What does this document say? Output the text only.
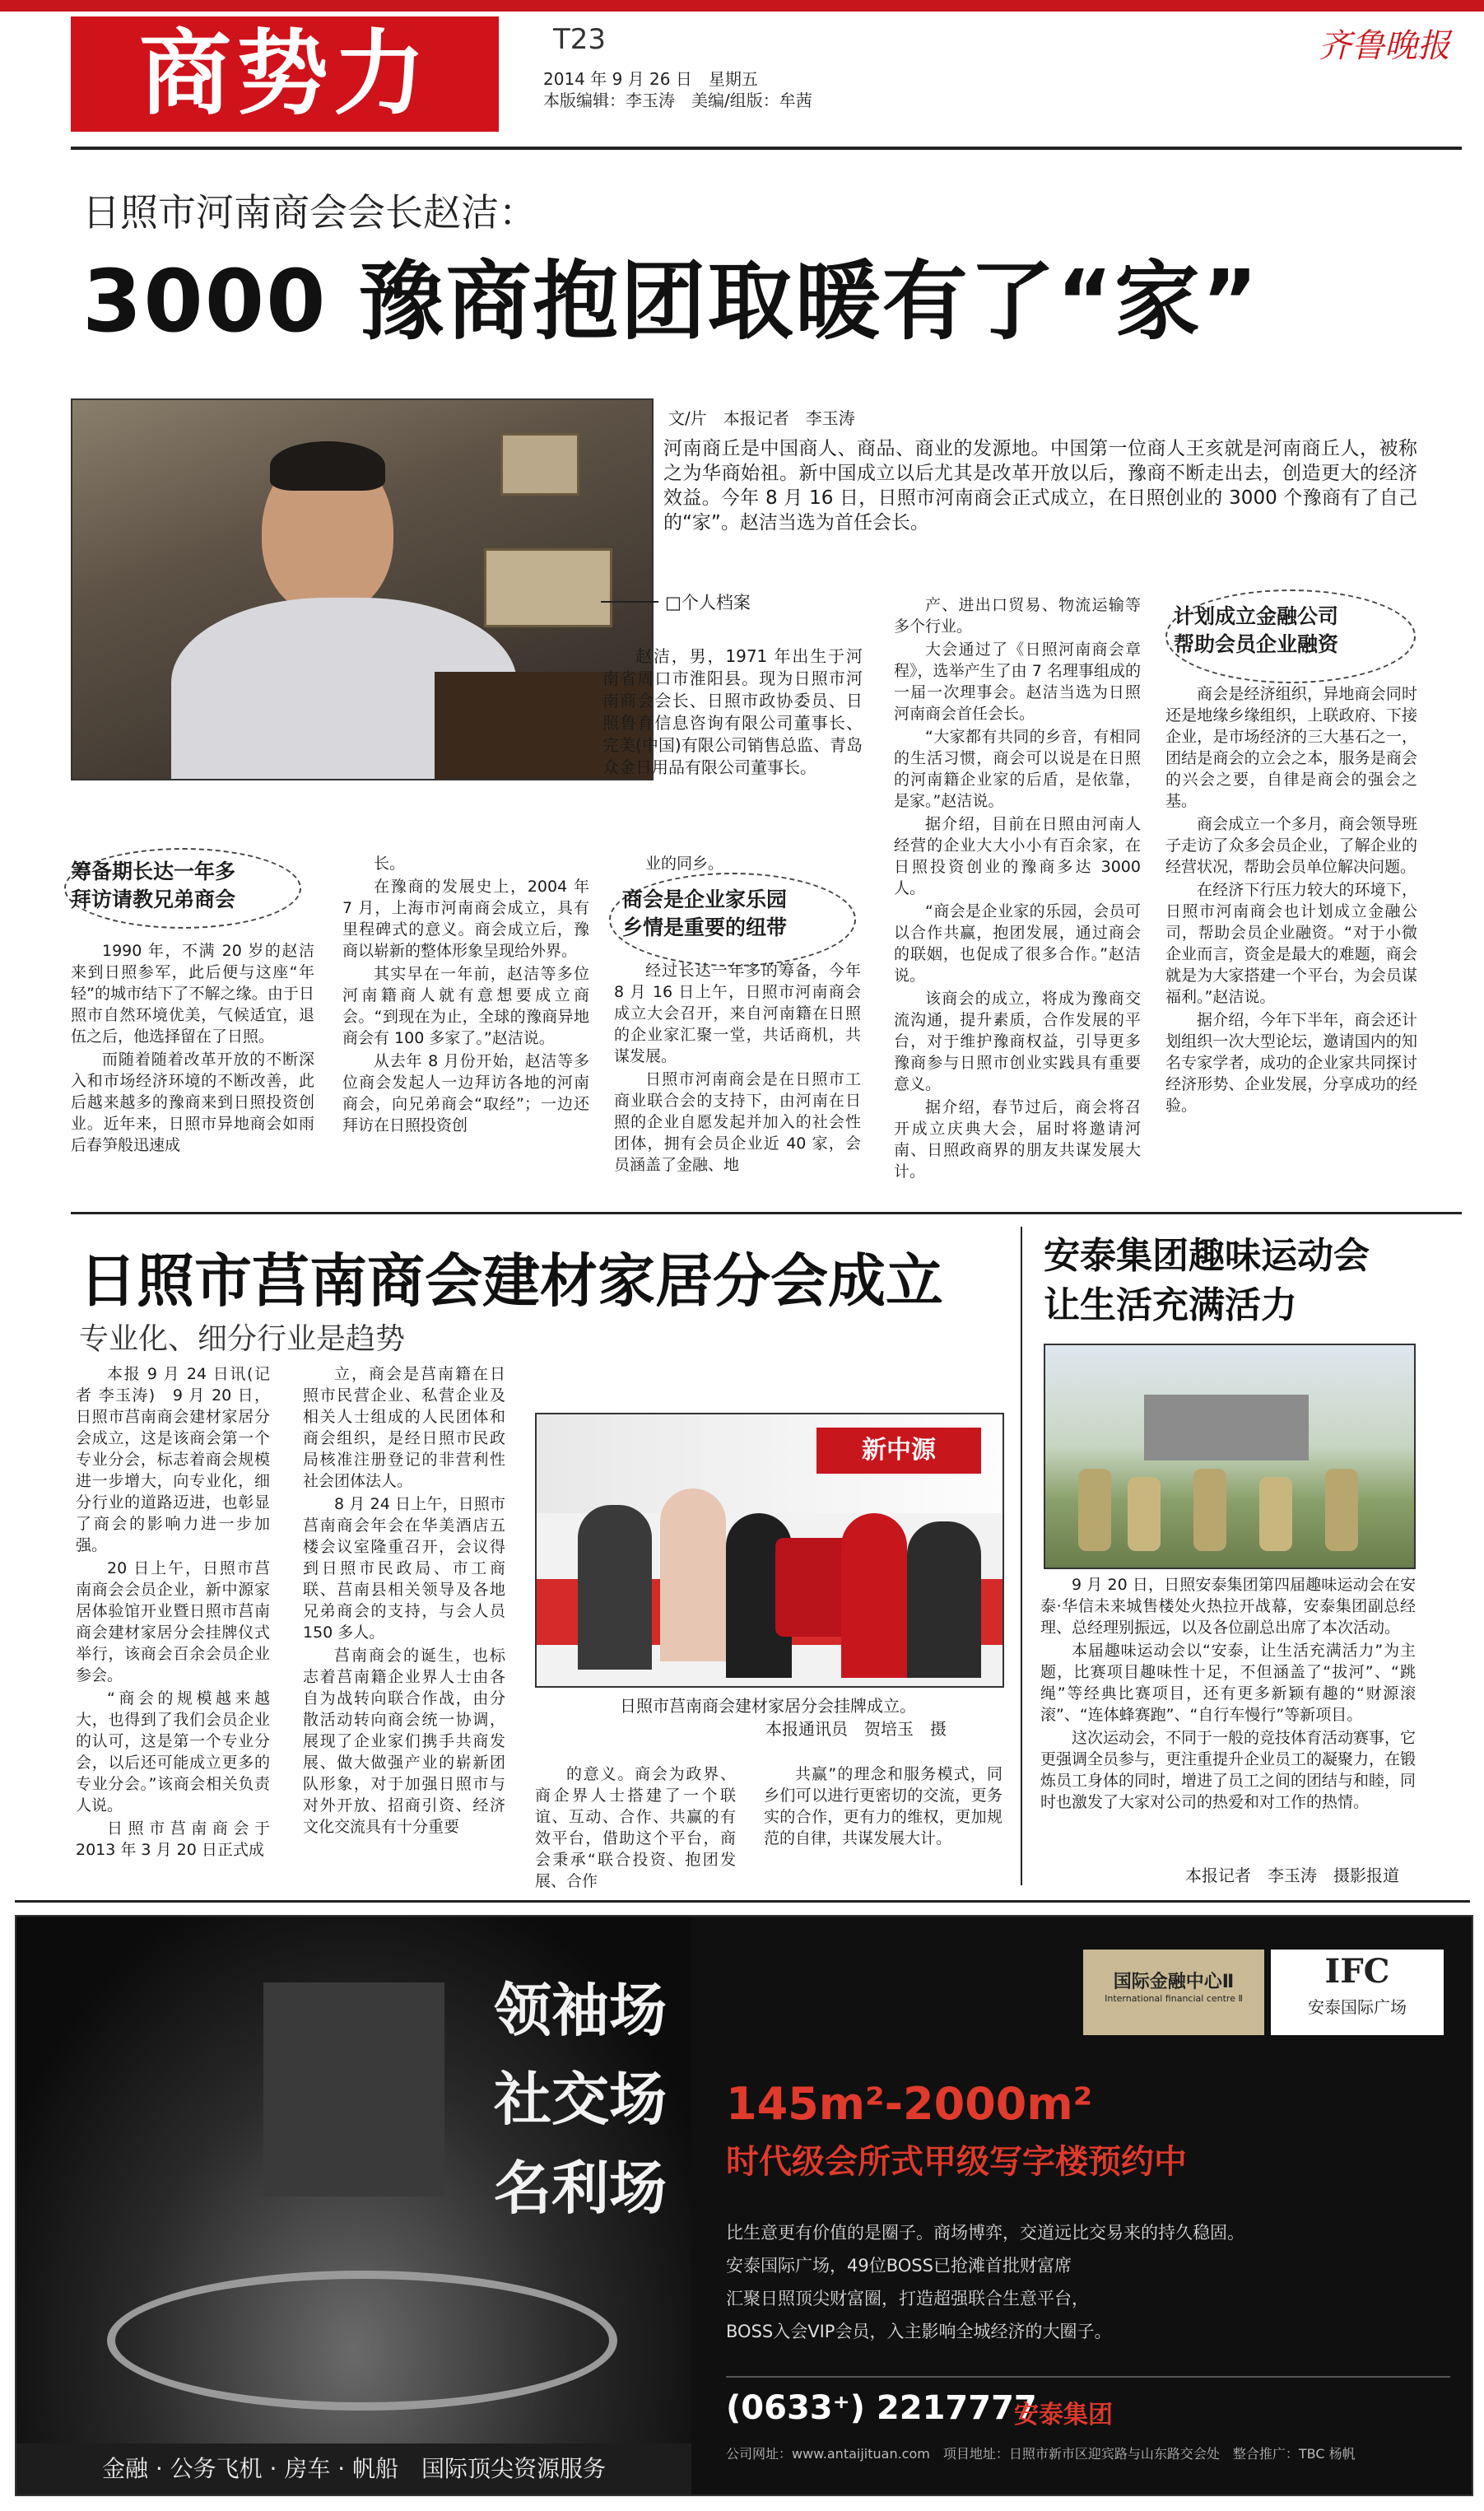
商势力	T23
2014 年 9 月 26 日　星期五
本版编辑：李玉涛　美编/组版：牟茜
齐鲁晚报
日照市河南商会会长赵洁：
3000 豫商抱团取暖有了“家”
文/片　本报记者　李玉涛
河南商丘是中国商人、商品、商业的发源地。中国第一位商人王亥就是河南商丘人，被称之为华商始祖。新中国成立以后尤其是改革开放以后，豫商不断走出去，创造更大的经济效益。今年 8 月 16 日，日照市河南商会正式成立，在日照创业的 3000 个豫商有了自己的“家”。赵洁当选为首任会长。
□个人档案
赵洁，男，1971 年出生于河南省周口市淮阳县。现为日照市河南商会会长、日照市政协委员、日照鲁育信息咨询有限公司董事长、完美(中国)有限公司销售总监、青岛众金日用品有限公司董事长。
筹备期长达一年多
拜访请教兄弟商会

1990 年，不满 20 岁的赵洁来到日照参军，此后便与这座“年轻”的城市结下了不解之缘。由于日照市自然环境优美，气候适宜，退伍之后，他选择留在了日照。

而随着随着改革开放的不断深入和市场经济环境的不断改善，此后越来越多的豫商来到日照投资创业。近年来，日照市异地商会如雨后春笋般迅速成

长。

在豫商的发展史上，2004 年 7 月，上海市河南商会成立，具有里程碑式的意义。商会成立后，豫商以崭新的整体形象呈现给外界。

其实早在一年前，赵洁等多位河南籍商人就有意想要成立商会。“到现在为止，全球的豫商异地商会有 100 多家了。”赵洁说。

从去年 8 月份开始，赵洁等多位商会发起人一边拜访各地的河南商会，向兄弟商会“取经”；一边还拜访在日照投资创

业的同乡。

商会是企业家乐园
乡情是重要的纽带

经过长达一年多的筹备，今年 8 月 16 日上午，日照市河南商会成立大会召开，来自河南籍在日照的企业家汇聚一堂，共话商机，共谋发展。

日照市河南商会是在日照市工商业联合会的支持下，由河南在日照的企业自愿发起并加入的社会性团体，拥有会员企业近 40 家，会员涵盖了金融、地

产、进出口贸易、物流运输等多个行业。

大会通过了《日照河南商会章程》，选举产生了由 7 名理事组成的一届一次理事会。赵洁当选为日照河南商会首任会长。

“大家都有共同的乡音，有相同的生活习惯，商会可以说是在日照的河南籍企业家的后盾，是依靠，是家。”赵洁说。

据介绍，目前在日照由河南人经营的企业大大小小有百余家，在日照投资创业的豫商多达 3000 人。

“商会是企业家的乐园，会员可以合作共赢，抱团发展，通过商会的联姻，也促成了很多合作。”赵洁说。

该商会的成立，将成为豫商交流沟通，提升素质，合作发展的平台，对于维护豫商权益，引导更多豫商参与日照市创业实践具有重要意义。

据介绍，春节过后，商会将召开成立庆典大会，届时将邀请河南、日照政商界的朋友共谋发展大计。

计划成立金融公司
帮助会员企业融资

商会是经济组织，异地商会同时还是地缘乡缘组织，上联政府、下接企业，是市场经济的三大基石之一，团结是商会的立会之本，服务是商会的兴会之要，自律是商会的强会之基。

商会成立一个多月，商会领导班子走访了众多会员企业，了解企业的经营状况，帮助会员单位解决问题。

在经济下行压力较大的环境下，日照市河南商会也计划成立金融公司，帮助会员企业融资。“对于小微企业而言，资金是最大的难题，商会就是为大家搭建一个平台，为会员谋福利。”赵洁说。

据介绍，今年下半年，商会还计划组织一次大型论坛，邀请国内的知名专家学者，成功的企业家共同探讨经济形势、企业发展，分享成功的经验。

日照市莒南商会建材家居分会成立
专业化、细分行业是趋势

本报 9 月 24 日讯(记者 李玉涛)　9 月 20 日，日照市莒南商会建材家居分会成立，这是该商会第一个专业分会，标志着商会规模进一步增大，向专业化，细分行业的道路迈进，也彰显了商会的影响力进一步加强。

20 日上午，日照市莒南商会会员企业，新中源家居体验馆开业暨日照市莒南商会建材家居分会挂牌仪式举行，该商会百余会员企业参会。

“商会的规模越来越大，也得到了我们会员企业的认可，这是第一个专业分会，以后还可能成立更多的专业分会。”该商会相关负责人说。

日照市莒南商会于 2013 年 3 月 20 日正式成

立，商会是莒南籍在日照市民营企业、私营企业及相关人士组成的人民团体和商会组织，是经日照市民政局核准注册登记的非营利性社会团体法人。

8 月 24 日上午，日照市莒南商会年会在华美酒店五楼会议室隆重召开，会议得到日照市民政局、市工商联、莒南县相关领导及各地兄弟商会的支持，与会人员 150 多人。

莒南商会的诞生，也标志着莒南籍企业界人士由各自为战转向联合作战，由分散活动转向商会统一协调，展现了企业家们携手共商发展、做大做强产业的崭新团队形象，对于加强日照市与对外开放、招商引资、经济文化交流具有十分重要

新中源
日照市莒南商会建材家居分会挂牌成立。
本报通讯员　贺培玉　摄

的意义。商会为政界、商企界人士搭建了一个联谊、互动、合作、共赢的有效平台，借助这个平台，商会秉承“联合投资、抱团发展、合作

共赢”的理念和服务模式，同乡们可以进行更密切的交流，更务实的合作，更有力的维权，更加规范的自律，共谋发展大计。

安泰集团趣味运动会
让生活充满活力

9 月 20 日，日照安泰集团第四届趣味运动会在安泰·华信未来城售楼处火热拉开战幕，安泰集团副总经理、总经理别振远，以及各位副总出席了本次活动。

本届趣味运动会以“安泰，让生活充满活力”为主题，比赛项目趣味性十足，不但涵盖了“拔河”、“跳绳”等经典比赛项目，还有更多新颖有趣的“财源滚滚”、“连体蜂赛跑”、“自行车慢行”等新项目。

这次运动会，不同于一般的竞技体育活动赛事，它更强调全员参与，更注重提升企业员工的凝聚力，在锻炼员工身体的同时，增进了员工之间的团结与和睦，同时也激发了大家对公司的热爱和对工作的热情。

本报记者　李玉涛　摄影报道
领袖场
社交场
名利场
金融 · 公务飞机 · 房车 · 帆船　国际顶尖资源服务
国际金融中心Ⅱ
International financial centre Ⅱ
IFC
安泰国际广场
145m²-2000m²
时代级会所式甲级写字楼预约中
比生意更有价值的是圈子。商场博弈，交道远比交易来的持久稳固。
安泰国际广场，49位BOSS已抢滩首批财富席
汇聚日照顶尖财富圈，打造超强联合生意平台，
BOSS入会VIP会员，入主影响全城经济的大圈子。
(0633⁺) 2217777
安泰集团
公司网址：www.antaijituan.com　项目地址：日照市新市区迎宾路与山东路交会处　整合推广：TBC 杨帆
